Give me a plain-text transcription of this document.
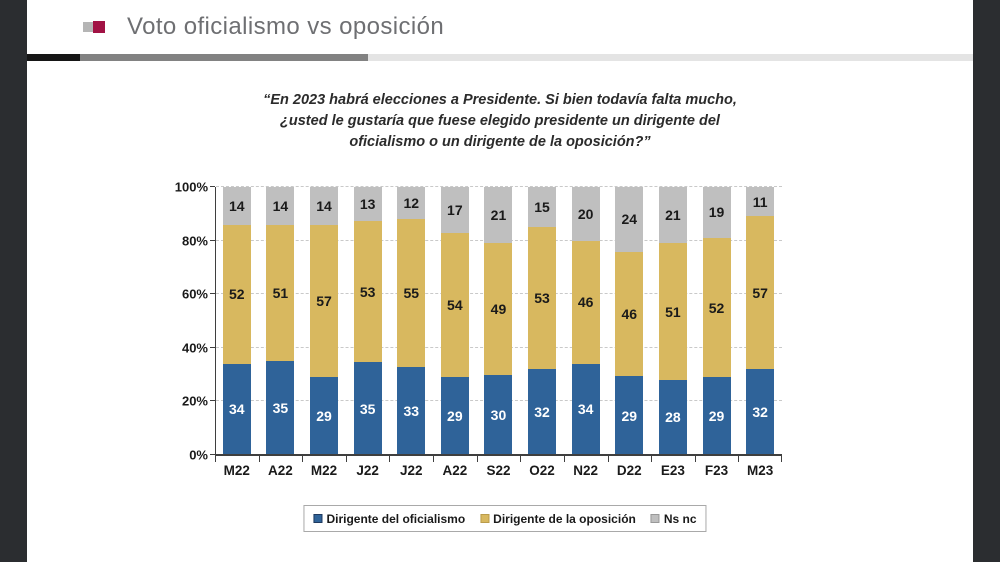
Voto oficialismo vs oposición
“En 2023 habrá elecciones a Presidente. Si bien todavía falta mucho,
¿usted le gustaría que fuese elegido presidente un dirigente del
oficialismo o un dirigente de la oposición?”
0%
20%
40%
60%
80%
100%
14
52
34
M22
14
51
35
A22
14
57
29
M22
13
53
35
J22
12
55
33
J22
17
54
29
A22
21
49
30
S22
15
53
32
O22
20
46
34
N22
24
46
29
D22
21
51
28
E23
19
52
29
F23
11
57
32
M23
Dirigente del oficialismo Dirigente de la oposición Ns nc
